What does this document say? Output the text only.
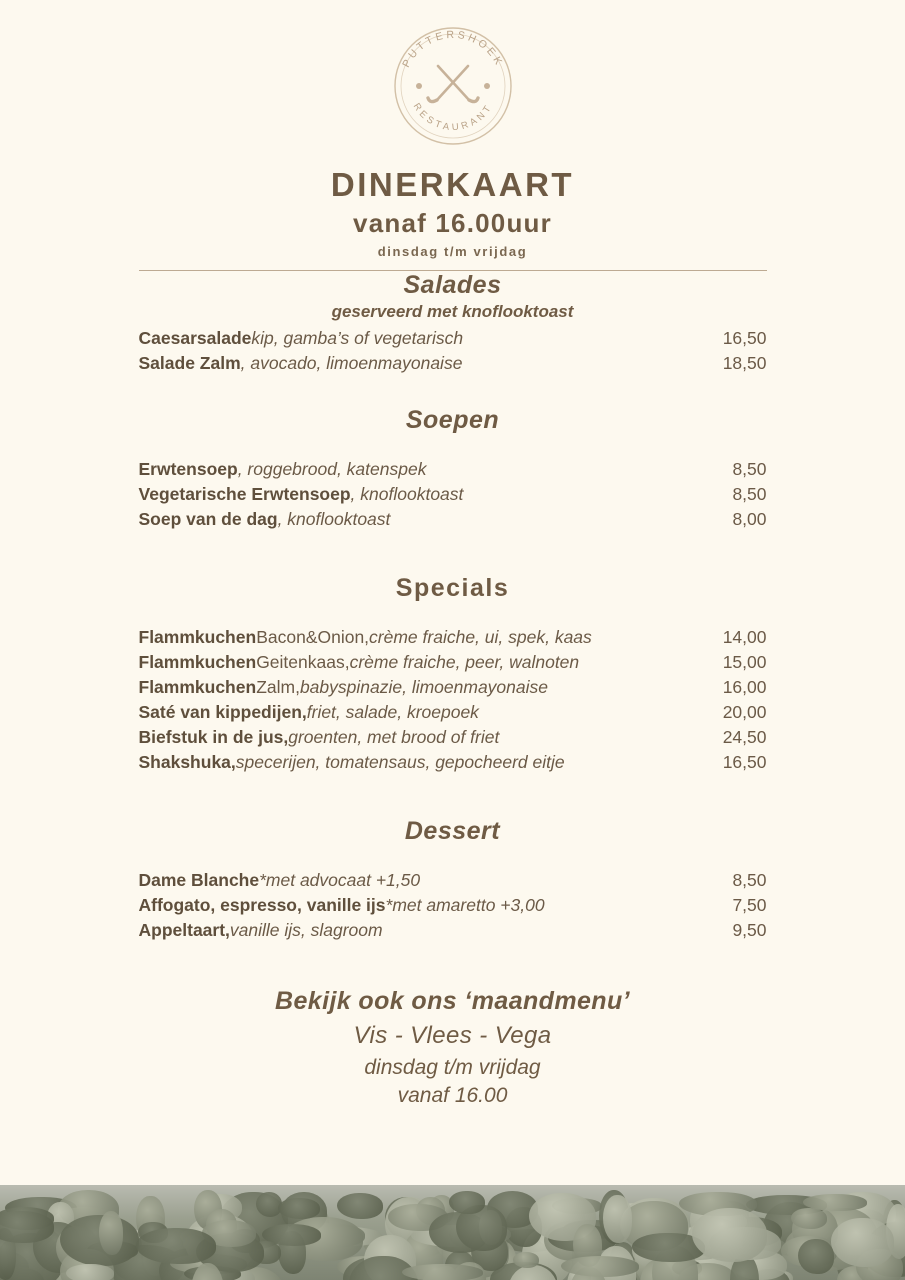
PUTTERSHOEK
RESTAURANT
DINERKAART
vanaf 16.00uur
dinsdag t/m vrijdag
Salades
geserveerd met knoflooktoast
Caesarsalade kip, gamba’s of vegetarisch	16,50
Salade Zalm , avocado, limoenmayonaise	18,50
Soepen
Erwtensoep , roggebrood, katenspek	8,50
Vegetarische Erwtensoep , knoflooktoast	8,50
Soep van de dag , knoflooktoast	8,00
Specials
Flammkuchen Bacon&Onion, crème fraiche, ui, spek, kaas	14,00
Flammkuchen Geitenkaas, crème fraiche, peer, walnoten	15,00
Flammkuchen Zalm, babyspinazie, limoenmayonaise	16,00
Saté van kippedijen, friet, salade, kroepoek	20,00
Biefstuk in de jus, groenten, met brood of friet	24,50
Shakshuka, specerijen, tomatensaus, gepocheerd eitje	16,50
Dessert
Dame Blanche *met advocaat +1,50	8,50
Affogato, espresso, vanille ijs *met amaretto +3,00	7,50
Appeltaart, vanille ijs, slagroom	9,50
Bekijk ook ons ‘maandmenu’
Vis - Vlees - Vega
dinsdag t/m vrijdag
vanaf 16.00
